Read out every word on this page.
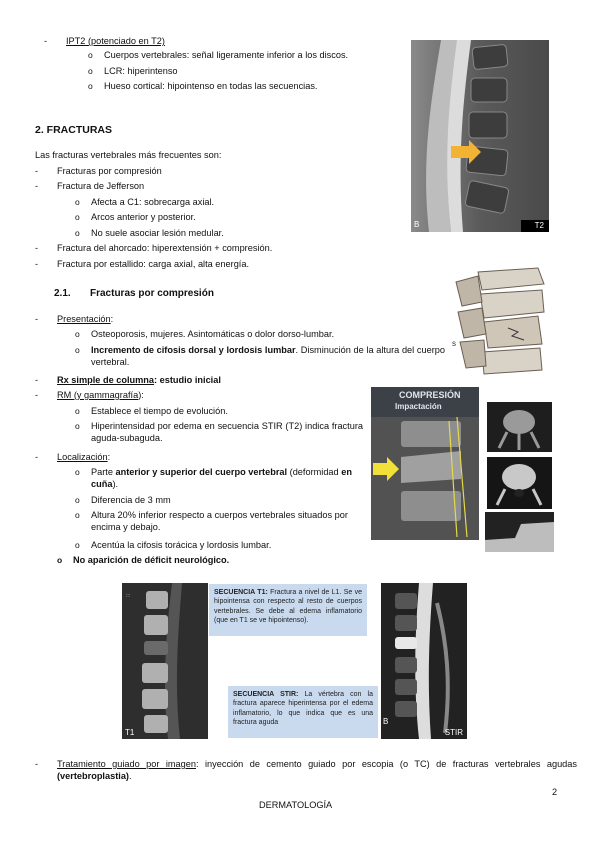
- IPT2 (potenciado en T2)
o Cuerpos vertebrales: señal ligeramente inferior a los discos.
o LCR: hiperintenso
o Hueso cortical: hipointenso en todas las secuencias.
B	T2
2. FRACTURAS
Las fracturas vertebrales más frecuentes son:
- Fracturas por compresión
- Fractura de Jefferson
o Afecta a C1: sobrecarga axial.
o Arcos anterior y posterior.
o No suele asociar lesión medular.
- Fractura del ahorcado: hiperextensión + compresión.
- Fractura por estallido: carga axial, alta energía.
s
2.1. Fracturas por compresión
- Presentación:
o Osteoporosis, mujeres. Asintomáticas o dolor dorso-lumbar.
o Incremento de cifosis dorsal y lordosis lumbar. Disminución de la altura del cuerpo vertebral.
- Rx simple de columna: estudio inicial
- RM (y gammagrafía):
o Establece el tiempo de evolución.
o Hiperintensidad por edema en secuencia STIR (T2) indica fractura aguda-subaguda.
COMPRESIÓN
Impactación
- Localización:
o Parte anterior y superior del cuerpo vertebral (deformidad en cuña).
o Diferencia de 3 mm
o Altura 20% inferior respecto a cuerpos vertebrales situados por encima y debajo.
o Acentúa la cifosis torácica y lordosis lumbar.
o No aparición de déficit neurológico.
:::
T1
SECUENCIA T1: Fractura a nivel de L1. Se ve hipointensa con respecto al resto de cuerpos vertebrales. Se debe al edema inflamatorio (que en T1 se ve hipointenso).
SECUENCIA STIR: La vértebra con la fractura aparece hiperintensa por el edema inflamatorio, lo que indica que es una fractura aguda	B
STIR
- Tratamiento guiado por imagen: inyección de cemento guiado por escopia (o TC) de fracturas vertebrales agudas (vertebroplastia).
2
DERMATOLOGÍA
